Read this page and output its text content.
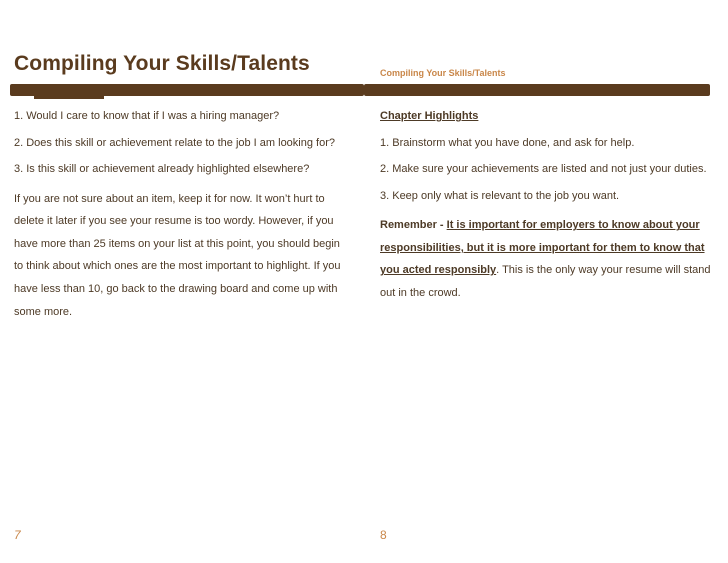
Compiling Your Skills/Talents

1. Would I care to know that if I was a hiring manager?

2. Does this skill or achievement relate to the job I am looking for?

3. Is this skill or achievement already highlighted elsewhere?

If you are not sure about an item, keep it for now. It won’t hurt to delete it later if you see your resume is too wordy. However, if you have more than 25 items on your list at this point, you should begin to think about which ones are the most important to highlight. If you have less than 10, go back to the drawing board and come up with some more.

7
Compiling Your Skills/Talents

Chapter Highlights

1. Brainstorm what you have done, and ask for help.

2. Make sure your achievements are listed and not just your duties.

3. Keep only what is relevant to the job you want.

Remember - It is important for employers to know about your responsibilities, but it is more important for them to know that you acted responsibly. This is the only way your resume will stand out in the crowd.

8
